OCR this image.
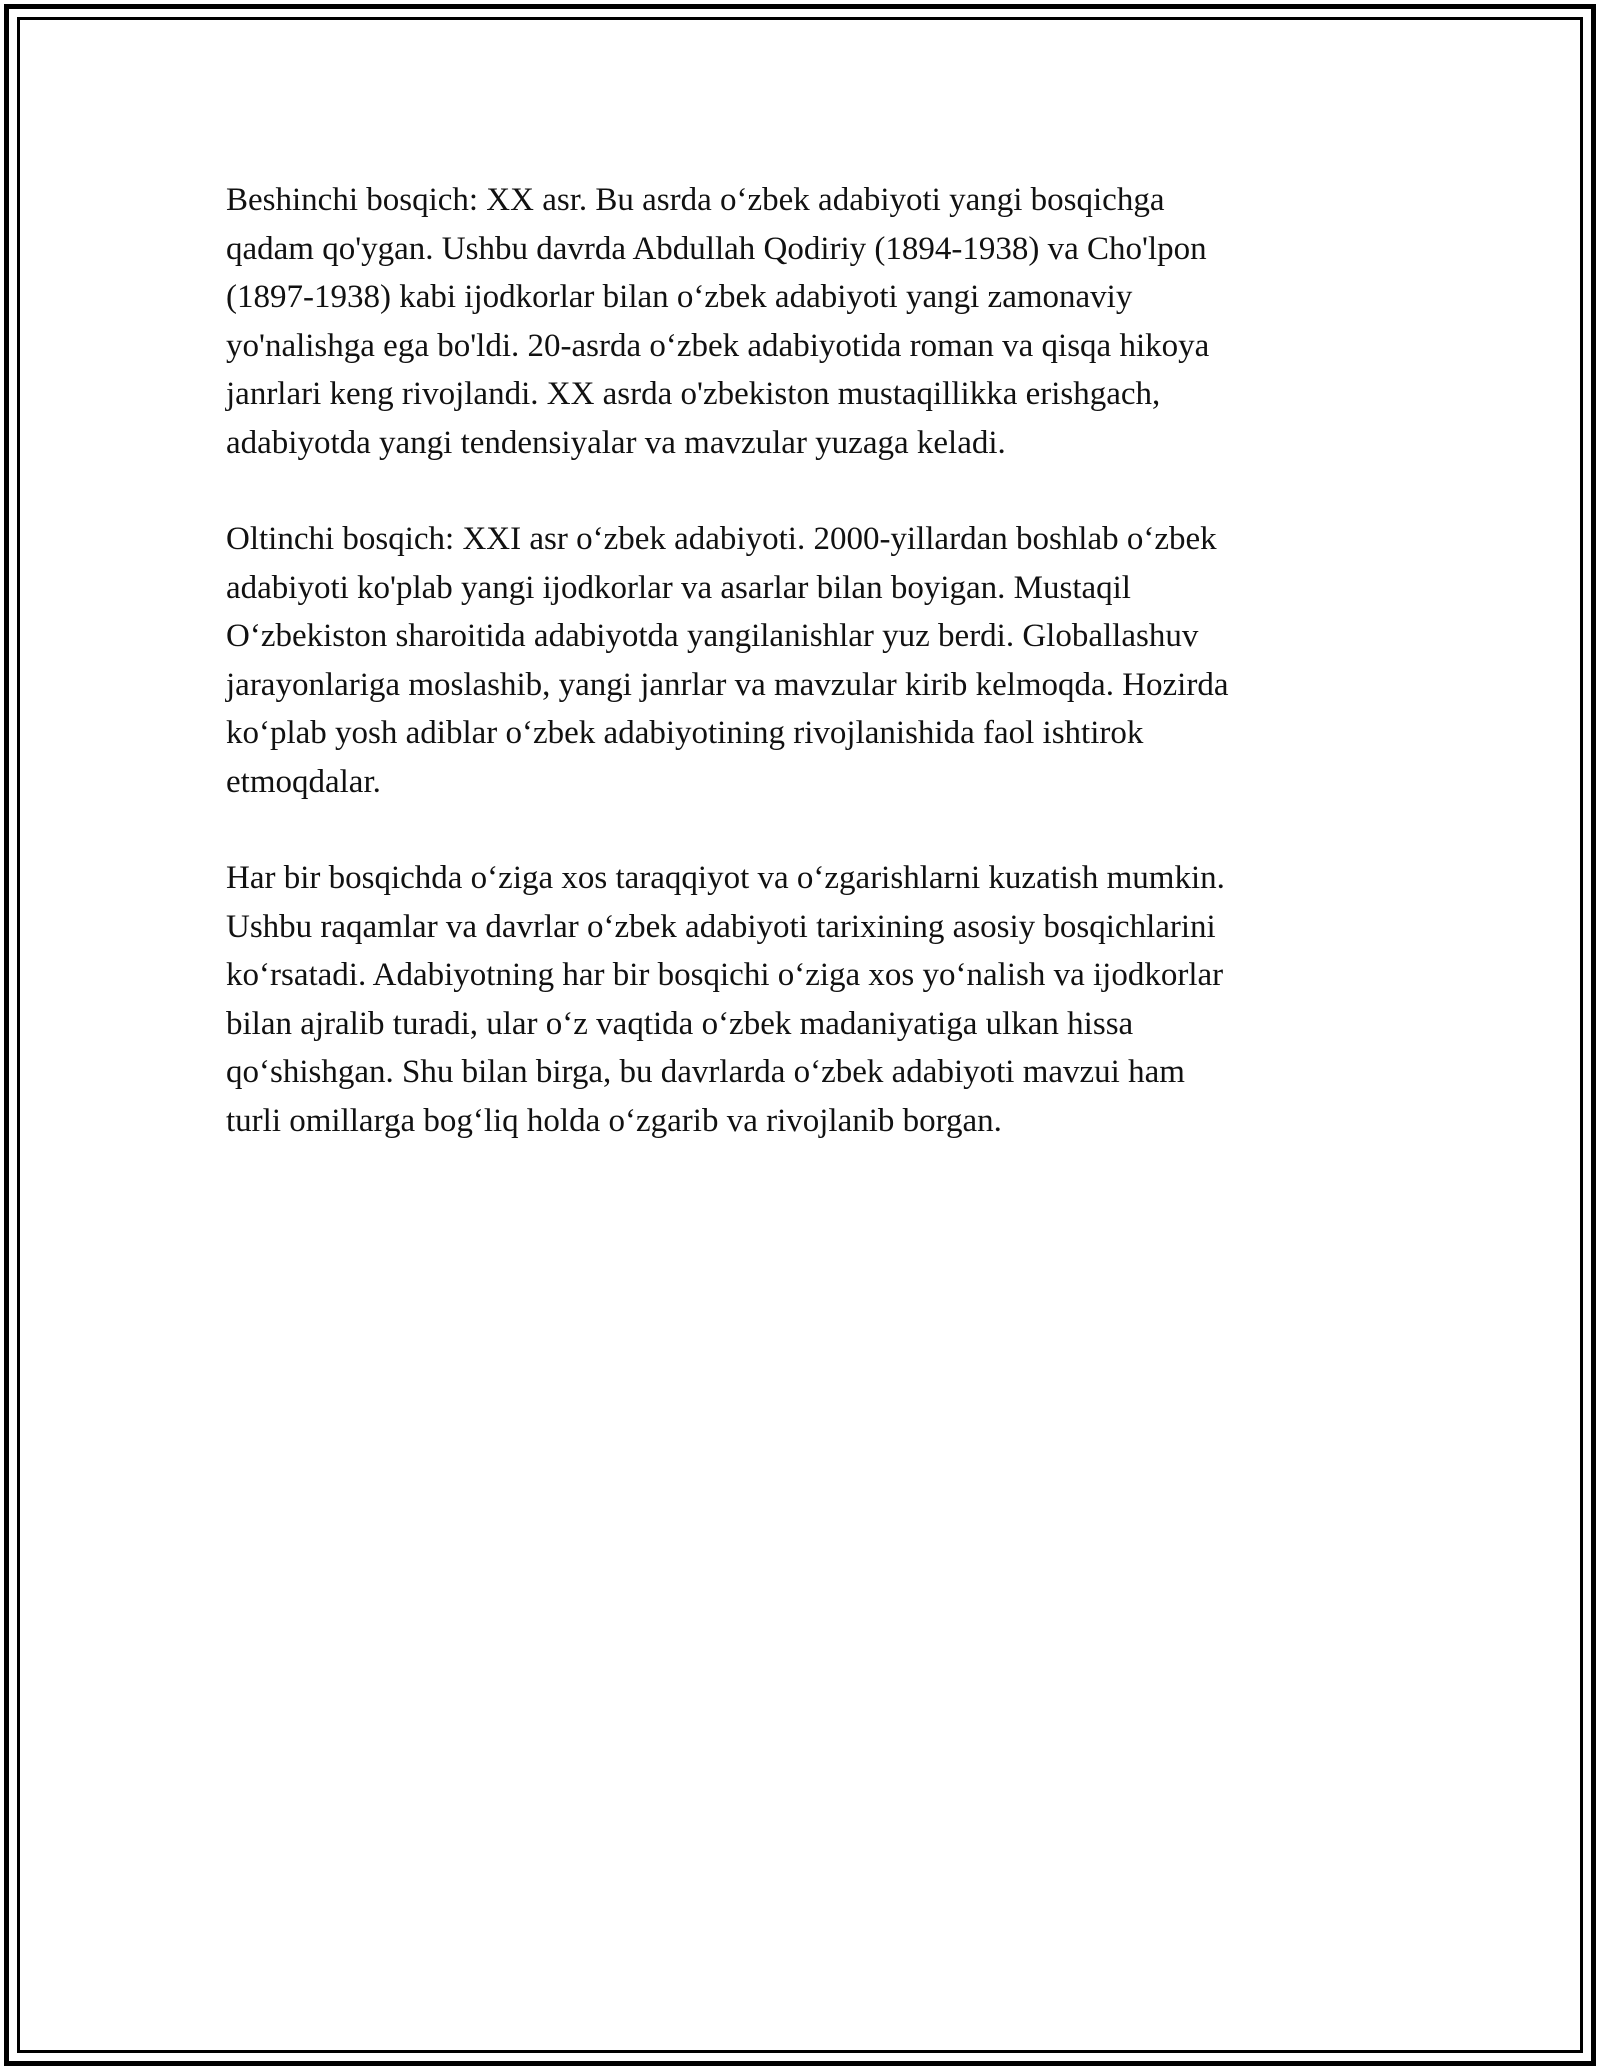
Beshinchi bosqich: XX asr. Bu asrda o‘zbek adabiyoti yangi bosqichga
qadam qo'ygan. Ushbu davrda Abdullah Qodiriy (1894-1938) va Cho'lpon
(1897-1938) kabi ijodkorlar bilan o‘zbek adabiyoti yangi zamonaviy
yo'nalishga ega bo'ldi. 20-asrda o‘zbek adabiyotida roman va qisqa hikoya
janrlari keng rivojlandi. XX asrda o'zbekiston mustaqillikka erishgach,
adabiyotda yangi tendensiyalar va mavzular yuzaga keladi.

Oltinchi bosqich: XXI asr o‘zbek adabiyoti. 2000-yillardan boshlab o‘zbek
adabiyoti ko'plab yangi ijodkorlar va asarlar bilan boyigan. Mustaqil
O‘zbekiston sharoitida adabiyotda yangilanishlar yuz berdi. Globallashuv
jarayonlariga moslashib, yangi janrlar va mavzular kirib kelmoqda. Hozirda
ko‘plab yosh adiblar o‘zbek adabiyotining rivojlanishida faol ishtirok
etmoqdalar.

Har bir bosqichda o‘ziga xos taraqqiyot va o‘zgarishlarni kuzatish mumkin.
Ushbu raqamlar va davrlar o‘zbek adabiyoti tarixining asosiy bosqichlarini
ko‘rsatadi. Adabiyotning har bir bosqichi o‘ziga xos yo‘nalish va ijodkorlar
bilan ajralib turadi, ular o‘z vaqtida o‘zbek madaniyatiga ulkan hissa
qo‘shishgan. Shu bilan birga, bu davrlarda o‘zbek adabiyoti mavzui ham
turli omillarga bog‘liq holda o‘zgarib va rivojlanib borgan.
